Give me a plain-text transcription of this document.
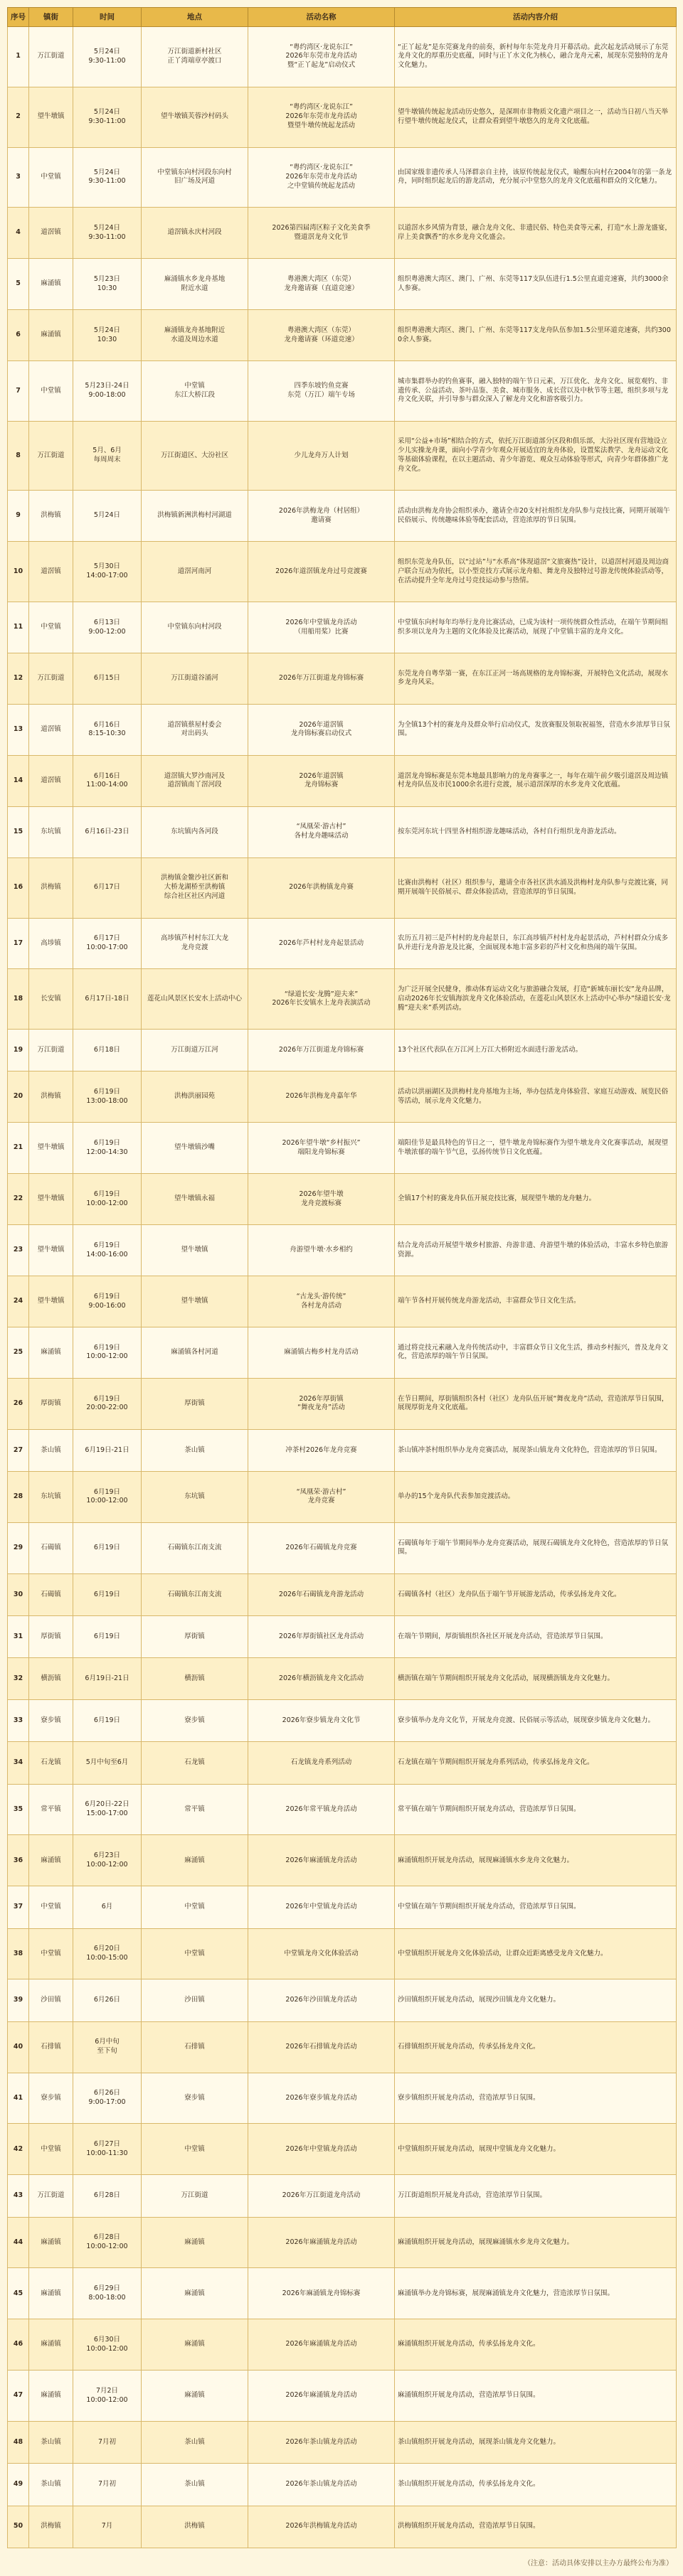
序号	镇街	时间	地点	活动名称	活动内容介绍
1	万江街道	5月24日
9:30-11:00	万江街道新村社区
正丫湾端章亭渡口	“粤约湾区·龙说东江”
2026年东莞市龙舟活动
暨“正丫起龙”启动仪式	“正丫起龙”是东莞赛龙舟的前奏，新村每年东莞龙舟月开幕活动。此次起龙活动展示了东莞龙舟文化的厚重历史底蕴，同时与正丫水文化为核心，融合龙舟元素，展现东莞独特的龙舟文化魅力。
2	望牛墩镇	5月24日
9:30-11:00	望牛墩镇芙蓉沙村码头	“粤约湾区·龙说东江”
2026年东莞市龙舟活动
暨望牛墩传统起龙活动	望牛墩镇传统起龙活动历史悠久，是深圳市非物质文化遗产项目之一，活动当日初八当天举行望牛墩传统起龙仪式，让群众看到望牛墩悠久的龙舟文化底蕴。
3	中堂镇	5月24日
9:30-11:00	中堂镇东向村河段东向村
旧广场及河道	“粤约湾区·龙说东江”
2026年东莞市龙舟活动
之中堂镇传统起龙活动	由国家级非遗传承人马泽群亲自主持，该原传统起龙仪式，喻醒东向村在2004年的第一条龙舟，同时组织起龙后的游龙活动，充分展示中堂悠久的龙舟文化底蕴和群众的文化魅力。
4	道滘镇	5月24日
9:30-11:00	道滘镇永庆村河段	2026第四届湾区粽子文化美食季
暨道滘龙舟文化节	以道滘水乡风情为背景，融合龙舟文化、非遗民俗、特色美食等元素，打造“水上游龙盛宴，岸上美食飘香”的水乡龙舟文化盛会。
5	麻涌镇	5月23日
10:30	麻涌镇水乡龙舟基地
附近水道	粤港澳大湾区（东莞）
龙舟邀请赛（直道竞速）	组织粤港澳大湾区、澳门、广州、东莞等117支队伍进行1.5公里直道竞速赛，共约3000余人参赛。
6	麻涌镇	5月24日
10:30	麻涌镇龙舟基地附近
水道及周边水道	粤港澳大湾区（东莞）
龙舟邀请赛（环道竞速）	组织粤港澳大湾区、澳门、广州、东莞等117支龙舟队伍参加1.5公里环道竞速赛，共约3000余人参赛。
7	中堂镇	5月23日-24日
9:00-18:00	中堂镇
东江大桥江段	四季东坡钓鱼竞赛
东莞（万江）端午专场	城市集群举办的钓鱼赛事，融入独特的端午节日元素，万江优化、龙舟文化、展览观钓、非遗传承、公益活动、茶叶品鉴、美食、城市服务、成长营以及中秋节等主题，组织多项与龙舟文化关联，并引导参与群众深入了解龙舟文化和游客吸引力。
8	万江街道	5月、6月
每周周末	万江街道区、大汾社区	少儿龙舟万人计划	采用“公益+市场”相结合的方式，依托万江街道部分区段和俱乐部，大汾社区现有营地设立少儿实操龙舟课，面向小学青少年观众开展适宜的龙舟体验，设置桨法教学、龙舟运动文化等基础体验课程，在以主题活动、青少年游览、观众互动体验等形式，向青少年群体推广龙舟文化。
9	洪梅镇	5月24日	洪梅镇新洲洪梅村河湖道	2026年洪梅龙舟（村居组）
邀请赛	活动由洪梅龙舟协会组织承办，邀请全市20支村社组织龙舟队参与竞技比赛，同期开展端午民俗展示、传统趣味体验等配套活动，营造浓厚的节日氛围。
10	道滘镇	5月30日
14:00-17:00	道滘河南河	2026年道滘镇龙舟过号竞渡赛	组织东莞龙舟队伍，以“过站”与“水系高”体现道滘“文旅赛热”设计，以道滘村河道及周边商户联合互动为依托，以小型竞技方式展示龙舟船、舞龙舟及独特过号游龙传统体验活动等，在活动提升全年龙舟过号竞技运动参与热情。
11	中堂镇	6月13日
9:00-12:00	中堂镇东向村河段	2026年中堂镇龙舟活动
（用船用桨）比赛	中堂镇东向村每年均举行龙舟比赛活动，已成为该村一项传统群众性活动，在端午节期间组织多项以龙舟为主题的文化体验及比赛活动，展现了中堂镇丰富的龙舟文化。
12	万江街道	6月15日	万江街道谷涌河	2026年万江街道龙舟锦标赛	东莞龙舟自粤华第一赛，在东江正河一场高规格的龙舟锦标赛，开展特色文化活动，展现水乡龙舟风采。
13	道滘镇	6月16日
8:15-10:30	道滘镇蔡屋村委会
对出码头	2026年道滘镇
龙舟锦标赛启动仪式	为全镇13个村的赛龙舟及群众举行启动仪式，发放赛服及领取祝福签，营造水乡浓厚节日氛围。
14	道滘镇	6月16日
11:00-14:00	道滘镇大罗沙南河及
道滘镇南丫滘河段	2026年道滘镇
龙舟锦标赛	道滘龙舟锦标赛是东莞本地最具影响力的龙舟赛事之一，每年在端午前夕吸引道滘及周边镇村龙舟队伍及市民1000余名进行竞渡，展示道滘深厚的水乡龙舟文化底蕴。
15	东坑镇	6月16日-23日	东坑镇内各河段	“凤凰荣·游古村”
各村龙舟趣味活动	按东莞河东坑十四里各村组织游龙趣味活动，各村自行组织龙舟游龙活动。
16	洪梅镇	6月17日	洪梅镇金鳌沙社区新和
大桥龙湖桥至洪梅镇
综合社区社区内河道	2026年洪梅镇龙舟赛	比赛由洪梅村（社区）组织参与，邀请全市各社区洪水涌及洪梅村龙舟队参与竞渡比赛，同期开展端午民俗展示、群众体验活动，营造浓厚的节日氛围。
17	高埗镇	6月17日
10:00-17:00	高埗镇芦村村东江大龙
龙舟竞渡	2026年芦村村龙舟起景活动	农历五月初三是芦村村的龙舟起景日，东江高埗镇芦村村龙舟起景活动，芦村村群众分成多队并进行龙舟游龙及比赛，全面展现本地丰富多彩的芦村文化和热闹的端午氛围。
18	长安镇	6月17日-18日	莲花山风景区长安水上活动中心	“绿道长安·龙腾”迎夫来”
2026年长安镇水上龙舟表演活动	为广泛开展全民健身，推动体育运动文化与旅游融合发展，打造“新城东丽长安”龙舟品牌，启动2026年长安镇海滨龙舟文化体验活动，在莲花山风景区水上活动中心举办“绿道长安·龙腾”迎夫来”系列活动。
19	万江街道	6月18日	万江街道万江河	2026年万江街道龙舟锦标赛	13个社区代表队在万江河上万江大桥附近水面进行游龙活动。
20	洪梅镇	6月19日
13:00-18:00	洪梅洪丽园苑	2026年洪梅龙舟嘉年华	活动以洪丽湖区及洪梅村龙舟基地为主场，举办包括龙舟体验营、家庭互动游戏、展览民俗等活动，展示龙舟文化魅力。
21	望牛墩镇	6月19日
12:00-14:30	望牛墩镇沙嘴	2026年望牛墩“乡村振兴”
端阳龙舟锦标赛	端阳佳节是最具特色的节日之一，望牛墩龙舟锦标赛作为望牛墩龙舟文化赛事活动，展现望牛墩浓郁的端午节气息，弘扬传统节日文化底蕴。
22	望牛墩镇	6月19日
10:00-12:00	望牛墩镇永福	2026年望牛墩
龙舟竞渡标赛	全镇17个村的赛龙舟队伍开展竞技比赛，展现望牛墩的龙舟魅力。
23	望牛墩镇	6月19日
14:00-16:00	望牛墩镇	舟游望牛墩·水乡相约	结合龙舟活动开展望牛墩乡村旅游、舟游非遗、舟游望牛墩的体验活动，丰富水乡特色旅游资源。
24	望牛墩镇	6月19日
9:00-16:00	望牛墩镇	“古龙头·游传统”
各村龙舟活动	端午节各村开展传统龙舟游龙活动，丰富群众节日文化生活。
25	麻涌镇	6月19日
10:00-12:00	麻涌镇各村河道	麻涌镇古梅乡村龙舟活动	通过将竞技元素融入龙舟传统活动中，丰富群众节日文化生活，推动乡村振兴，普及龙舟文化，营造浓厚的端午节日氛围。
26	厚街镇	6月19日
20:00-22:00	厚街镇	2026年厚街镇
“舞夜龙舟”活动	在节日期间，厚街镇组织各村（社区）龙舟队伍开展“舞夜龙舟”活动，营造浓厚节日氛围，展现厚街龙舟文化底蕴。
27	茶山镇	6月19日-21日	茶山镇	冲茶村2026年龙舟竞赛	茶山镇冲茶村组织举办龙舟竞赛活动，展现茶山镇龙舟文化特色，营造浓厚的节日氛围。
28	东坑镇	6月19日
10:00-12:00	东坑镇	“凤凰荣·游古村”
龙舟竞赛	单办的15个龙舟队代表参加竞渡活动。
29	石碣镇	6月19日	石碣镇东江南支流	2026年石碣镇龙舟竞赛	石碣镇每年于端午节期间举办龙舟竞赛活动，展现石碣镇龙舟文化特色，营造浓厚的节日氛围。
30	石碣镇	6月19日	石碣镇东江南支流	2026年石碣镇龙舟游龙活动	石碣镇各村（社区）龙舟队伍于端午节开展游龙活动，传承弘扬龙舟文化。
31	厚街镇	6月19日	厚街镇	2026年厚街镇社区龙舟活动	在端午节期间，厚街镇组织各社区开展龙舟活动，营造浓厚节日氛围。
32	横沥镇	6月19日-21日	横沥镇	2026年横沥镇龙舟文化活动	横沥镇在端午节期间组织开展龙舟文化活动，展现横沥镇龙舟文化魅力。
33	寮步镇	6月19日	寮步镇	2026年寮步镇龙舟文化节	寮步镇举办龙舟文化节，开展龙舟竞渡、民俗展示等活动，展现寮步镇龙舟文化魅力。
34	石龙镇	5月中旬至6月	石龙镇	石龙镇龙舟系列活动	石龙镇在端午节期间组织开展龙舟系列活动，传承弘扬龙舟文化。
35	常平镇	6月20日-22日
15:00-17:00	常平镇	2026年常平镇龙舟活动	常平镇在端午节期间组织开展龙舟活动，营造浓厚节日氛围。
36	麻涌镇	6月23日
10:00-12:00	麻涌镇	2026年麻涌镇龙舟活动	麻涌镇组织开展龙舟活动，展现麻涌镇水乡龙舟文化魅力。
37	中堂镇	6月	中堂镇	2026年中堂镇龙舟活动	中堂镇在端午节期间组织开展龙舟活动，营造浓厚节日氛围。
38	中堂镇	6月20日
10:00-15:00	中堂镇	中堂镇龙舟文化体验活动	中堂镇组织开展龙舟文化体验活动，让群众近距离感受龙舟文化魅力。
39	沙田镇	6月26日	沙田镇	2026年沙田镇龙舟活动	沙田镇组织开展龙舟活动，展现沙田镇龙舟文化魅力。
40	石排镇	6月中旬
至下旬	石排镇	2026年石排镇龙舟活动	石排镇组织开展龙舟活动，传承弘扬龙舟文化。
41	寮步镇	6月26日
9:00-17:00	寮步镇	2026年寮步镇龙舟活动	寮步镇组织开展龙舟活动，营造浓厚节日氛围。
42	中堂镇	6月27日
10:00-11:30	中堂镇	2026年中堂镇龙舟活动	中堂镇组织开展龙舟活动，展现中堂镇龙舟文化魅力。
43	万江街道	6月28日	万江街道	2026年万江街道龙舟活动	万江街道组织开展龙舟活动，营造浓厚节日氛围。
44	麻涌镇	6月28日
10:00-12:00	麻涌镇	2026年麻涌镇龙舟活动	麻涌镇组织开展龙舟活动，展现麻涌镇水乡龙舟文化魅力。
45	麻涌镇	6月29日
8:00-18:00	麻涌镇	2026年麻涌镇龙舟锦标赛	麻涌镇举办龙舟锦标赛，展现麻涌镇龙舟文化魅力，营造浓厚节日氛围。
46	麻涌镇	6月30日
10:00-12:00	麻涌镇	2026年麻涌镇龙舟活动	麻涌镇组织开展龙舟活动，传承弘扬龙舟文化。
47	麻涌镇	7月2日
10:00-12:00	麻涌镇	2026年麻涌镇龙舟活动	麻涌镇组织开展龙舟活动，营造浓厚节日氛围。
48	茶山镇	7月初	茶山镇	2026年茶山镇龙舟活动	茶山镇组织开展龙舟活动，展现茶山镇龙舟文化魅力。
49	茶山镇	7月初	茶山镇	2026年茶山镇龙舟活动	茶山镇组织开展龙舟活动，传承弘扬龙舟文化。
50	洪梅镇	7月	洪梅镇	2026年洪梅镇龙舟活动	洪梅镇组织开展龙舟活动，营造浓厚节日氛围。
（注意：活动具体安排以主办方最终公布为准）
